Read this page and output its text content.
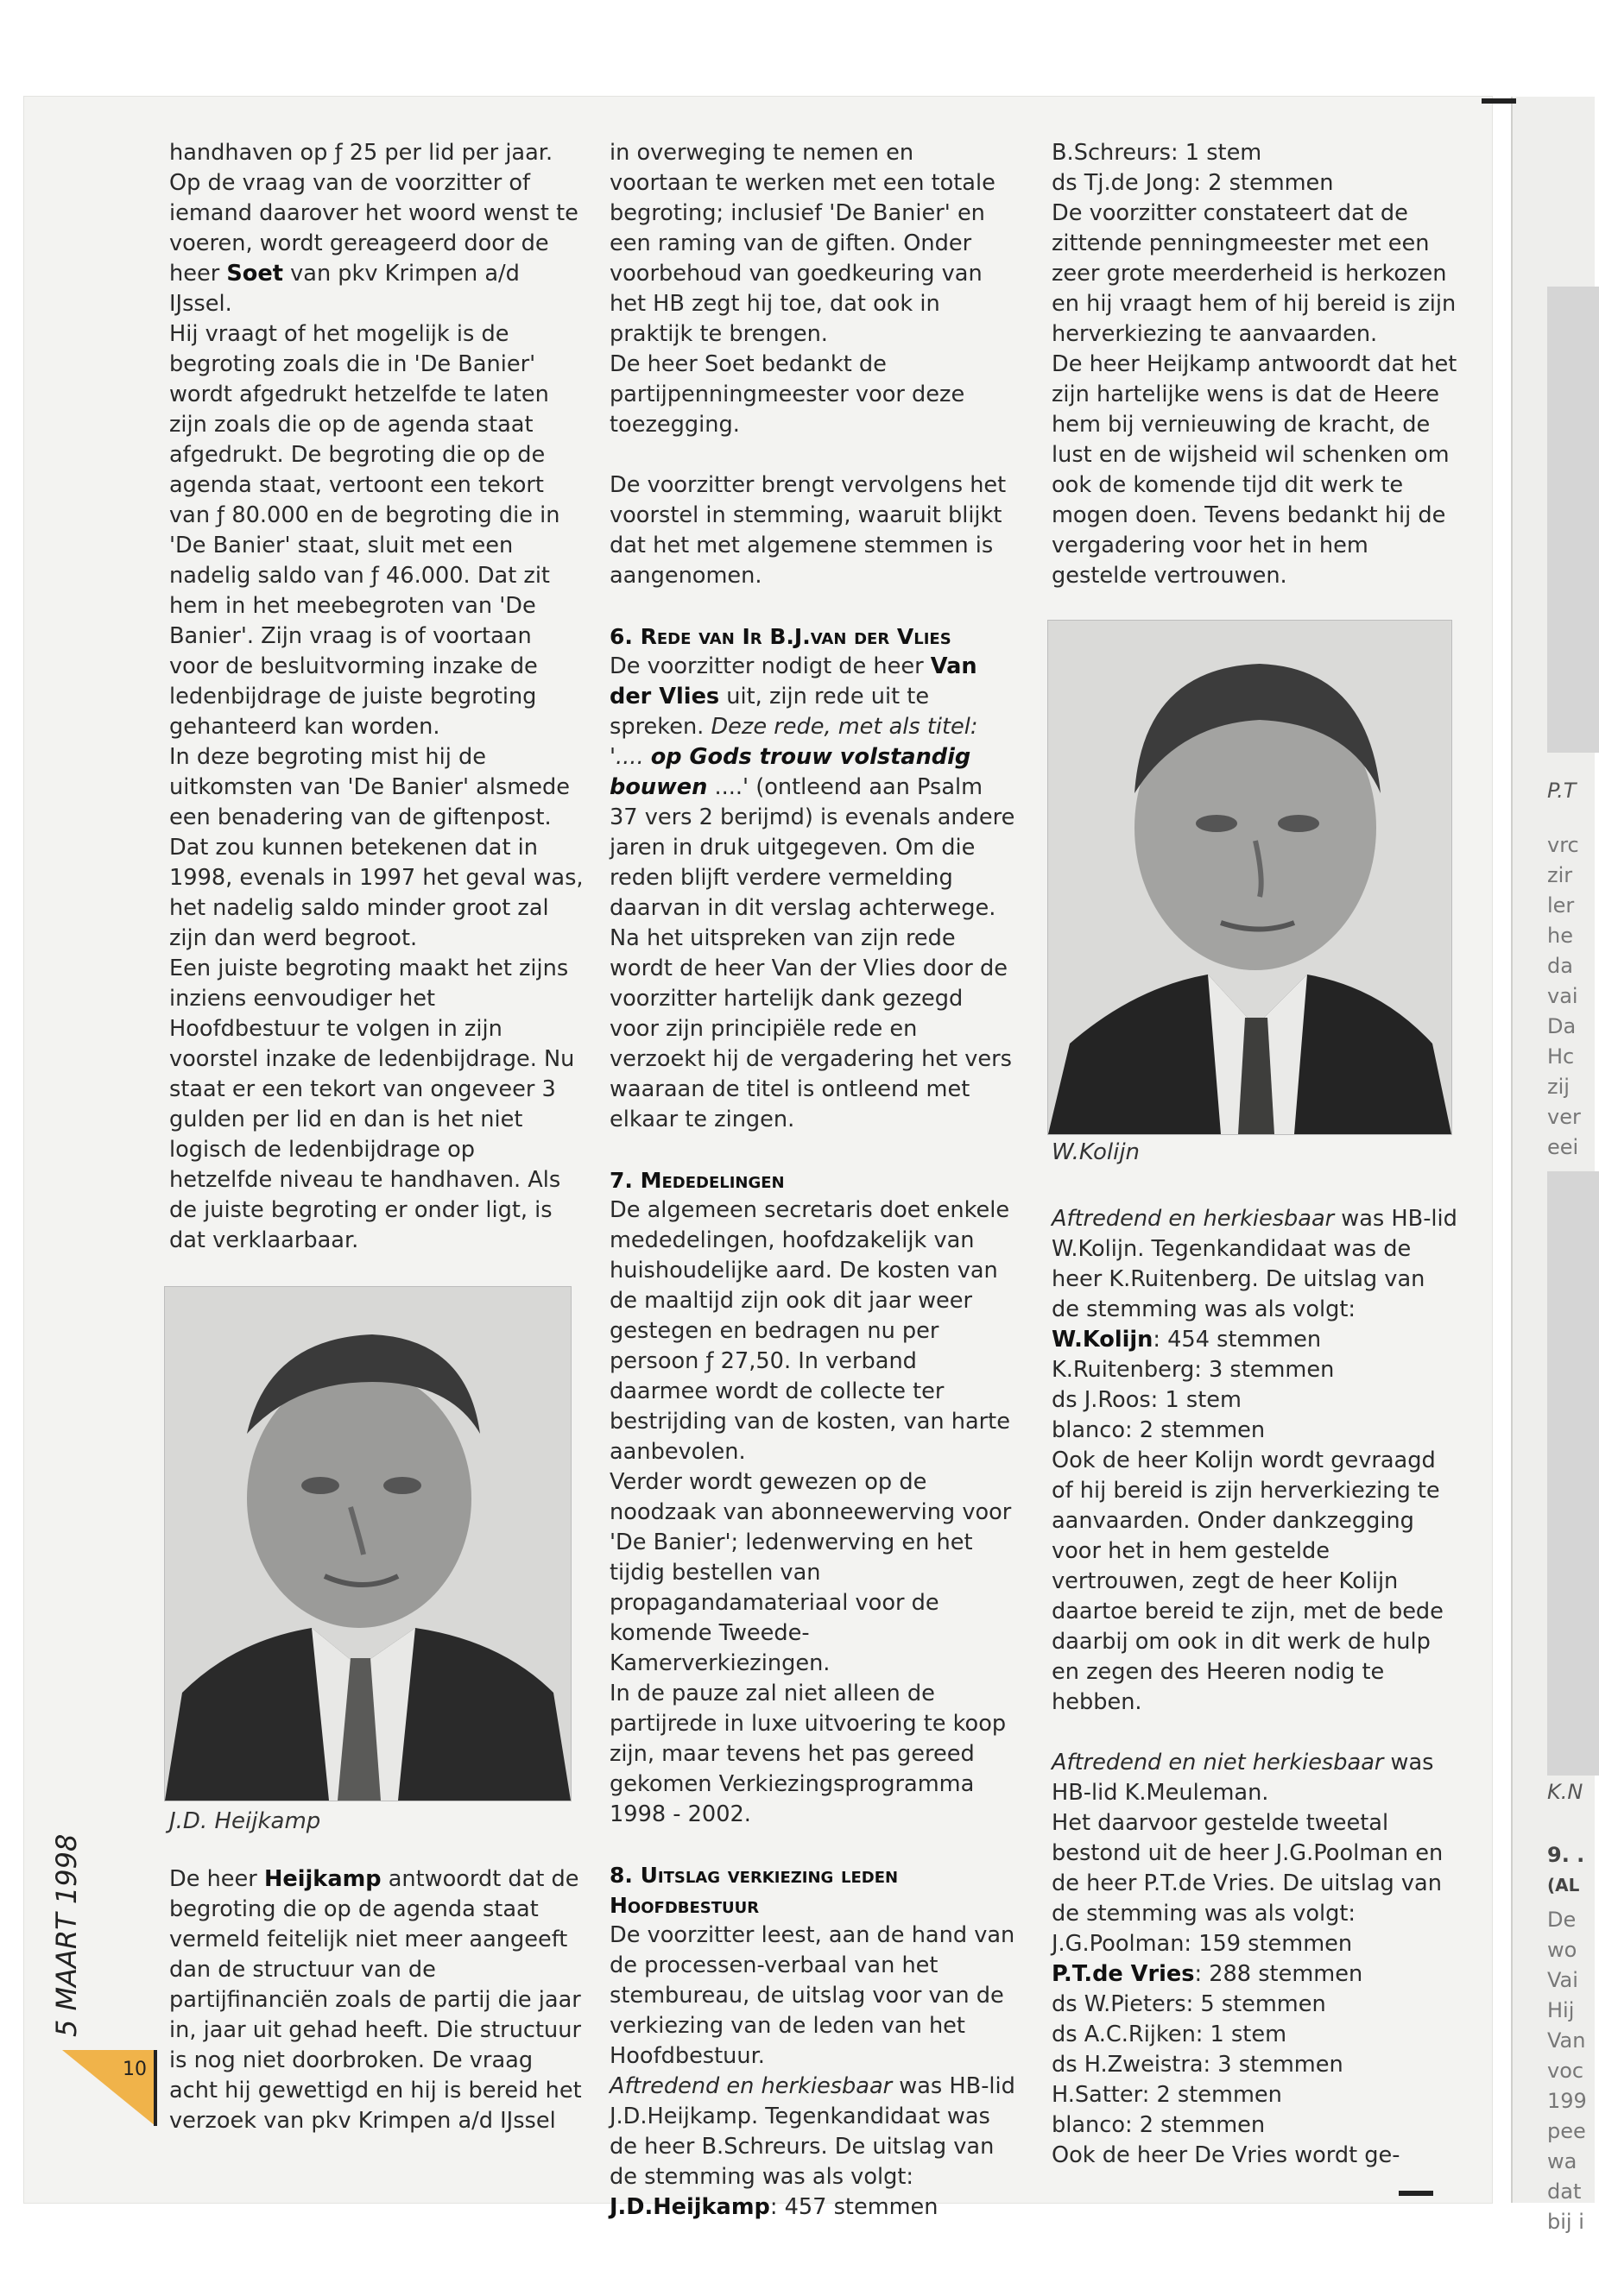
P.T
vrc
zir
ler
he
da
vai
Da
Hc
zij
ver
eei
K.N
9. .
(AL
De
wo
Vai
Hij
Van
voc
199
pee
wa
dat
bij i

handhaven op ƒ 25 per lid per jaar. Op de vraag van de voorzitter of iemand daarover het woord wenst te voeren, wordt gereageerd door de heer Soet van pkv Krimpen a/d IJssel.

Hij vraagt of het mogelijk is de begroting zoals die in 'De Banier' wordt afgedrukt hetzelfde te laten zijn zoals die op de agenda staat afgedrukt. De begroting die op de agenda staat, vertoont een tekort van ƒ 80.000 en de begroting die in 'De Banier' staat, sluit met een nadelig saldo van ƒ 46.000. Dat zit hem in het meebegroten van 'De Banier'. Zijn vraag is of voortaan voor de besluitvorming inzake de ledenbijdrage de juiste begroting gehanteerd kan worden.

In deze begroting mist hij de uitkomsten van 'De Banier' alsmede een benadering van de giftenpost. Dat zou kunnen betekenen dat in 1998, evenals in 1997 het geval was, het nadelig saldo minder groot zal zijn dan werd begroot.

Een juiste begroting maakt het zijns inziens eenvoudiger het Hoofdbestuur te volgen in zijn voorstel inzake de ledenbijdrage. Nu staat er een tekort van ongeveer 3 gulden per lid en dan is het niet logisch de ledenbijdrage op hetzelfde niveau te handhaven. Als de juiste begroting er onder ligt, is dat verklaarbaar.

J.D. Heijkamp

De heer Heijkamp antwoordt dat de begroting die op de agenda staat vermeld feitelijk niet meer aangeeft dan de structuur van de partijfinanciën zoals de partij die jaar in, jaar uit gehad heeft. Die structuur is nog niet doorbroken. De vraag acht hij gewettigd en hij is bereid het verzoek van pkv Krimpen a/d IJssel

in overweging te nemen en voortaan te werken met een totale begroting; inclusief 'De Banier' en een raming van de giften. Onder voorbehoud van goedkeuring van het HB zegt hij toe, dat ook in praktijk te brengen.

De heer Soet bedankt de partijpenningmeester voor deze toezegging.

De voorzitter brengt vervolgens het voorstel in stemming, waaruit blijkt dat het met algemene stemmen is aangenomen.

6. Rede van Ir B.J.van der Vlies

De voorzitter nodigt de heer Van der Vlies uit, zijn rede uit te spreken. Deze rede, met als titel: '.... op Gods trouw volstandig bouwen ....' (ontleend aan Psalm 37 vers 2 berijmd) is evenals andere jaren in druk uitgegeven. Om die reden blijft verdere vermelding daarvan in dit verslag achterwege.

Na het uitspreken van zijn rede wordt de heer Van der Vlies door de voorzitter hartelijk dank gezegd voor zijn principiële rede en verzoekt hij de vergadering het vers waaraan de titel is ontleend met elkaar te zingen.

7. Mededelingen

De algemeen secretaris doet enkele mededelingen, hoofdzakelijk van huishoudelijke aard. De kosten van de maaltijd zijn ook dit jaar weer gestegen en bedragen nu per persoon ƒ 27,50. In verband daarmee wordt de collecte ter bestrijding van de kosten, van harte aanbevolen.

Verder wordt gewezen op de noodzaak van abonneewerving voor 'De Banier'; ledenwerving en het tijdig bestellen van propagandamateriaal voor de komende Tweede-Kamerverkiezingen.

In de pauze zal niet alleen de partijrede in luxe uitvoering te koop zijn, maar tevens het pas gereed gekomen Verkiezingsprogramma 1998 - 2002.

8. Uitslag verkiezing leden Hoofdbestuur

De voorzitter leest, aan de hand van de processen-verbaal van het stembureau, de uitslag voor van de verkiezing van de leden van het Hoofdbestuur.

Aftredend en herkiesbaar was HB-lid J.D.Heijkamp. Tegenkandidaat was de heer B.Schreurs. De uitslag van de stemming was als volgt:

J.D.Heijkamp: 457 stemmen

B.Schreurs: 1 stem

ds Tj.de Jong: 2 stemmen

De voorzitter constateert dat de zittende penningmeester met een zeer grote meerderheid is herkozen en hij vraagt hem of hij bereid is zijn herverkiezing te aanvaarden.

De heer Heijkamp antwoordt dat het zijn hartelijke wens is dat de Heere hem bij vernieuwing de kracht, de lust en de wijsheid wil schenken om ook de komende tijd dit werk te mogen doen. Tevens bedankt hij de vergadering voor het in hem gestelde vertrouwen.

W.Kolijn

Aftredend en herkiesbaar was HB-lid W.Kolijn. Tegenkandidaat was de heer K.Ruitenberg. De uitslag van de stemming was als volgt:

W.Kolijn: 454 stemmen

K.Ruitenberg: 3 stemmen

ds J.Roos: 1 stem

blanco: 2 stemmen

Ook de heer Kolijn wordt gevraagd of hij bereid is zijn herverkiezing te aanvaarden. Onder dankzegging voor het in hem gestelde vertrouwen, zegt de heer Kolijn daartoe bereid te zijn, met de bede daarbij om ook in dit werk de hulp en zegen des Heeren nodig te hebben.

Aftredend en niet herkiesbaar was HB-lid K.Meuleman.

Het daarvoor gestelde tweetal bestond uit de heer J.G.Poolman en de heer P.T.de Vries. De uitslag van de stemming was als volgt:

J.G.Poolman: 159 stemmen

P.T.de Vries: 288 stemmen

ds W.Pieters: 5 stemmen

ds A.C.Rijken: 1 stem

ds H.Zweistra: 3 stemmen

H.Satter: 2 stemmen

blanco: 2 stemmen

Ook de heer De Vries wordt ge-

5 MAART 1998
10
